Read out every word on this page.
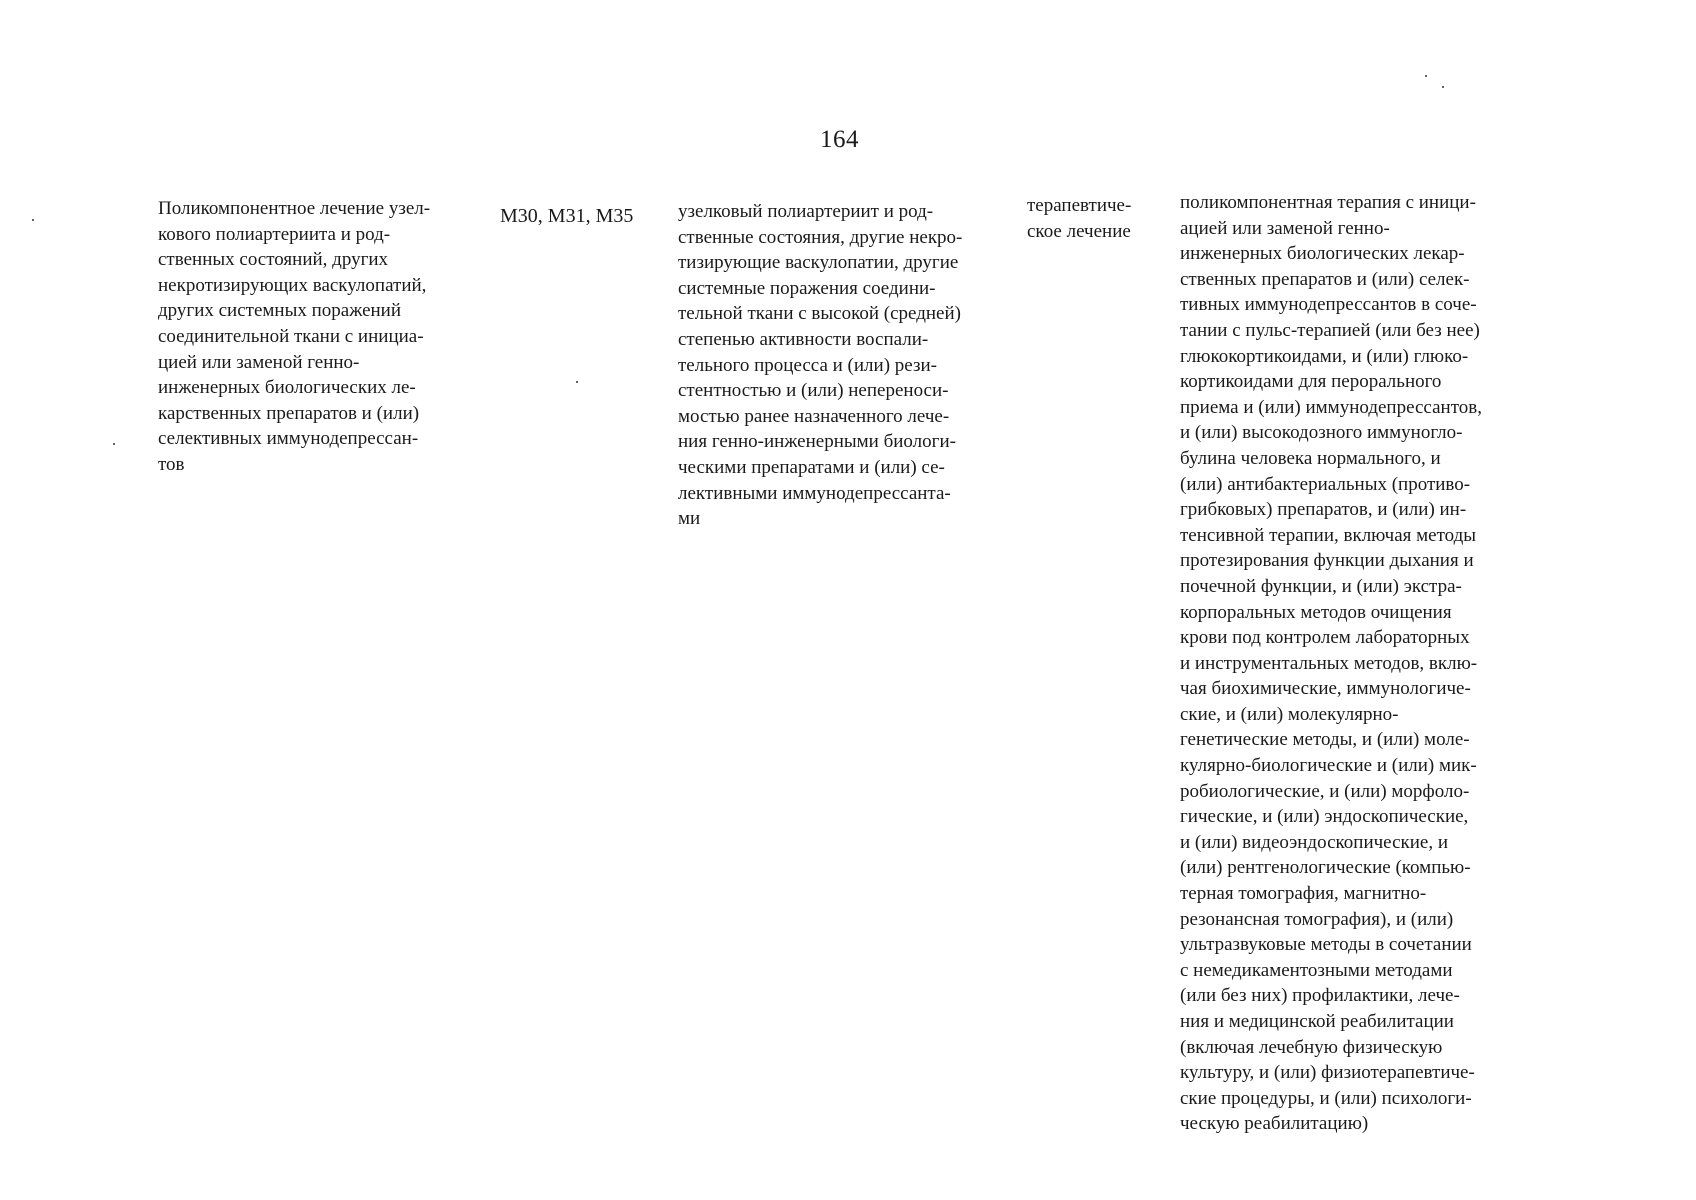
164
Поликомпонентное лечение узел-
кового полиартериита и род-
ственных состояний, других
некротизирующих васкулопатий,
других системных поражений
соединительной ткани с инициа-
цией или заменой генно-
инженерных биологических ле-
карственных препаратов и (или)
селективных иммунодепрессан-
тов
M30, M31, M35 узелковый полиартериит и род-
ственные состояния, другие некро-
тизирующие васкулопатии, другие
системные поражения соедини-
тельной ткани с высокой (средней)
степенью активности воспали-
тельного процесса и (или) рези-
стентностью и (или) непереноси-
мостью ранее назначенного лече-
ния генно-инженерными биологи-
ческими препаратами и (или) се-
лективными иммунодепрессанта-
ми
терапевтиче-
ское лечение
поликомпонентная терапия с иници-
ацией или заменой генно-
инженерных биологических лекар-
ственных препаратов и (или) селек-
тивных иммунодепрессантов в соче-
тании с пульс-терапией (или без нее)
глюкокортикоидами, и (или) глюко-
кортикоидами для перорального
приема и (или) иммунодепрессантов,
и (или) высокодозного иммуногло-
булина человека нормального, и
(или) антибактериальных (противо-
грибковых) препаратов, и (или) ин-
тенсивной терапии, включая методы
протезирования функции дыхания и
почечной функции, и (или) экстра-
корпоральных методов очищения
крови под контролем лабораторных
и инструментальных методов, вклю-
чая биохимические, иммунологиче-
ские, и (или) молекулярно-
генетические методы, и (или) моле-
кулярно-биологические и (или) мик-
робиологические, и (или) морфоло-
гические, и (или) эндоскопические,
и (или) видеоэндоскопические, и
(или) рентгенологические (компью-
терная томография, магнитно-
резонансная томография), и (или)
ультразвуковые методы в сочетании
с немедикаментозными методами
(или без них) профилактики, лече-
ния и медицинской реабилитации
(включая лечебную физическую
культуру, и (или) физиотерапевтиче-
ские процедуры, и (или) психологи-
ческую реабилитацию)
